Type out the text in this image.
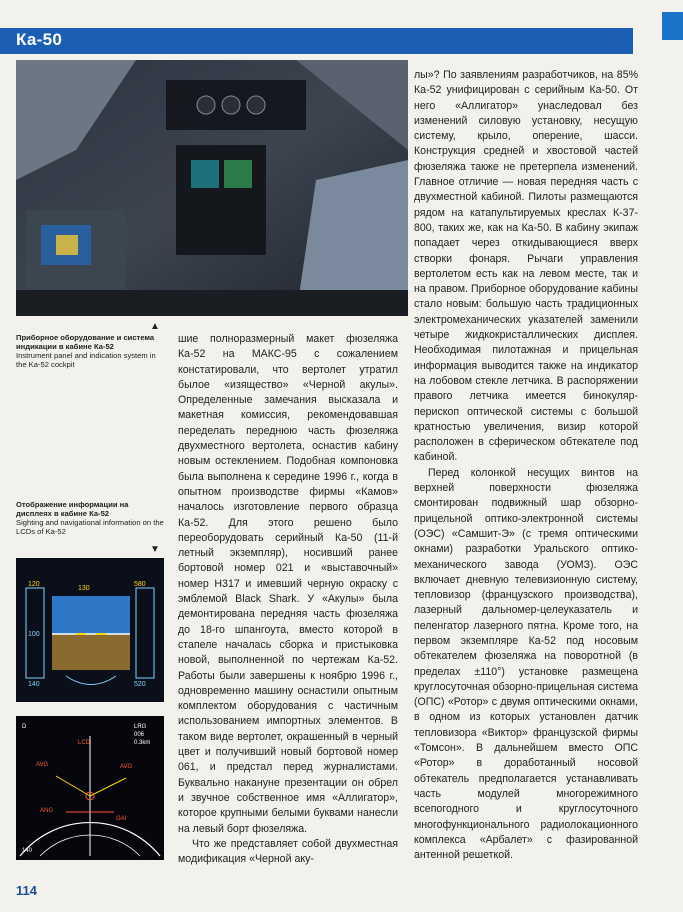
Ка-50
▲
Приборное оборудование и система индикации в кабине Ка-52
Instrument panel and indication system in the Ka-52 cockpit
Отображение информации на дисплеях в кабине Ка-52
Sighting and navigational information on the LCDs of Ka-52
▼
120
140
100
580
130
520
AVG
LCD
AVG
GAI
ANG
LRG
006
0.3km
D
140

шие полноразмерный макет фюзеляжа Ка-52 на МАКС-95 с сожалением констатировали, что вертолет утратил былое «изящество» «Черной акулы». Определенные замечания высказала и макетная комиссия, рекомендовавшая переделать переднюю часть фюзеляжа двухместного вертолета, оснастив кабину новым остеклением. Подобная компоновка была выполнена к середине 1996 г., когда в опытном производстве фирмы «Камов» началось изготовление первого образца Ка-52. Для этого решено было переоборудовать серийный Ка-50 (11-й летный экземпляр), носивший ранее бортовой номер 021 и «выставочный» номер Н317 и имевший черную окраску с эмблемой Black Shark. У «Акулы» была демонтирована передняя часть фюзеляжа до 18-го шпангоута, вместо которой в стапеле началась сборка и пристыковка новой, выполненной по чертежам Ка-52. Работы были завершены к ноябрю 1996 г., одновременно машину оснастили опытным комплектом оборудования с частичным использованием импортных элементов. В таком виде вертолет, окрашенный в черный цвет и получивший новый бортовой номер 061, и предстал перед журналистами. Буквально накануне презентации он обрел и звучное собственное имя «Аллигатор», которое крупными белыми буквами нанесли на левый борт фюзеляжа.

Что же представляет собой двухместная модификация «Черной аку-

лы»? По заявлениям разработчиков, на 85% Ка-52 унифицирован с серийным Ка-50. От него «Аллигатор» унаследовал без изменений силовую установку, несущую систему, крыло, оперение, шасси. Конструкция средней и хвостовой частей фюзеляжа также не претерпела изменений. Главное отличие — новая передняя часть с двухместной кабиной. Пилоты размещаются рядом на катапультируемых креслах К-37-800, таких же, как на Ка-50. В кабину экипаж попадает через откидывающиеся вверх створки фонаря. Рычаги управления вертолетом есть как на левом месте, так и на правом. Приборное оборудование кабины стало новым: большую часть традиционных электромеханических указателей заменили четыре жидкокристаллических дисплея. Необходимая пилотажная и прицельная информация выводится также на индикатор на лобовом стекле летчика. В распоряжении правого летчика имеется бинокуляр-перископ оптической системы с большой кратностью увеличения, визир которой расположен в сферическом обтекателе под кабиной.

Перед колонкой несущих винтов на верхней поверхности фюзеляжа смонтирован подвижный шар обзорно-прицельной оптико-электронной системы (ОЭС) «Самшит-Э» (с тремя оптическими окнами) разработки Уральского оптико-механического завода (УОМЗ). ОЭС включает дневную телевизионную систему, тепловизор (французского производства), лазерный дальномер-целеуказатель и пеленгатор лазерного пятна. Кроме того, на первом экземпляре Ка-52 под носовым обтекателем фюзеляжа на поворотной (в пределах ±110°) установке размещена круглосуточная обзорно-прицельная система (ОПС) «Ротор» с двумя оптическими окнами, в одном из которых установлен датчик тепловизора «Виктор» французской фирмы «Томсон». В дальнейшем вместо ОПС «Ротор» в доработанный носовой обтекатель предполагается устанавливать часть модулей многорежимного всепогодного и круглосуточного многофункционального радиолокационного комплекса «Арбалет» с фазированной антенной решеткой.

114
